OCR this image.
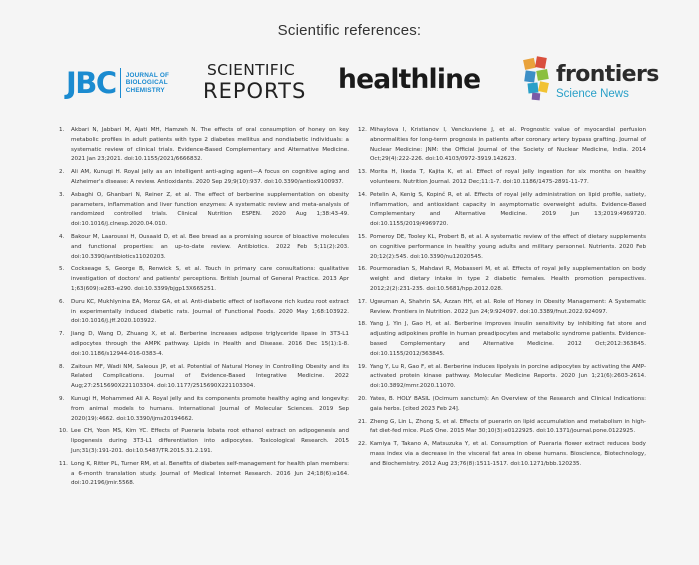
Scientific references:
JBC JOURNAL OF
BIOLOGICAL
CHEMISTRY
SCIENTIFIC
REPORTS healthline	frontiers
Science News
1. Akbari N, Jabbari M, Ajati MH, Hamzeh N. The effects of oral consumption of honey on key metabolic profiles in adult patients with type 2 diabetes mellitus and nondiabetic individuals: a systematic review of clinical trials. Evidence-Based Complementary and Alternative Medicine. 2021 Jan 23;2021. doi:10.1155/2021/6666832.
2. Ali AM, Kunugi H. Royal jelly as an intelligent anti-aging agent—A focus on cognitive aging and Alzheimer's disease: A review. Antioxidants. 2020 Sep 29;9(10):937. doi:10.3390/antiox9100937.
3. Asbaghi O, Ghanbari N, Reiner Z, et al. The effect of berberine supplementation on obesity parameters, inflammation and liver function enzymes: A systematic review and meta-analysis of randomized controlled trials. Clinical Nutrition ESPEN. 2020 Aug 1;38:43-49. doi:10.1016/j.clnesp.2020.04.010.
4. Bakour M, Laaroussi H, Ousaaid D, et al. Bee bread as a promising source of bioactive molecules and functional properties: an up-to-date review. Antibiotics. 2022 Feb 5;11(2):203. doi:10.3390/antibiotics11020203.
5. Cockseage S, George B, Renwick S, et al. Touch in primary care consultations: qualitative investigation of doctors' and patients' perceptions. British Journal of General Practice. 2013 Apr 1;63(609):e283-e290. doi:10.3399/bjgp13X665251.
6. Duru KC, Mukhlynina EA, Moroz GA, et al. Anti-diabetic effect of isoflavone rich kudzu root extract in experimentally induced diabetic rats. Journal of Functional Foods. 2020 May 1;68:103922. doi:10.1016/j.jff.2020.103922.
7. Jiang D, Wang D, Zhuang X, et al. Berberine increases adipose triglyceride lipase in 3T3-L1 adipocytes through the AMPK pathway. Lipids in Health and Disease. 2016 Dec 15(1):1-8. doi:10.1186/s12944-016-0383-4.
8. Zaitoun MF, Wadi NM, Saleous JP, et al. Potential of Natural Honey in Controlling Obesity and its Related Complications. Journal of Evidence-Based Integrative Medicine. 2022 Aug;27:2515690X221103304. doi:10.1177/2515690X221103304.
9. Kunugi H, Mohammed Ali A. Royal jelly and its components promote healthy aging and longevity: from animal models to humans. International Journal of Molecular Sciences. 2019 Sep 2020(19):4662. doi:10.3390/ijms20194662.
10. Lee CH, Yoon MS, Kim YC. Effects of Pueraria lobata root ethanol extract on adipogenesis and lipogenesis during 3T3-L1 differentiation into adipocytes. Toxicological Research. 2015 Jun;31(3):191-201. doi:10.5487/TR.2015.31.2.191.
11. Long K, Ritter PL, Turner RM, et al. Benefits of diabetes self-management for health plan members: a 6-month translation study. Journal of Medical Internet Research. 2016 Jun 24;18(6):e164. doi:10.2196/jmir.5568.
12. Mihaylova I, Kristianov I, Venckuviene J, et al. Prognostic value of myocardial perfusion abnormalities for long-term prognosis in patients after coronary artery bypass grafting. Journal of Nuclear Medicine: JNM: the Official Journal of the Society of Nuclear Medicine, India. 2014 Oct;29(4):222-226. doi:10.4103/0972-3919.142623.
13. Morita H, Ikeda T, Kajita K, et al. Effect of royal jelly ingestion for six months on healthy volunteers. Nutrition Journal. 2012 Dec;11:1-7. doi:10.1186/1475-2891-11-77.
14. Petelin A, Kenig S, Kopinč R, et al. Effects of royal jelly administration on lipid profile, satiety, inflammation, and antioxidant capacity in asymptomatic overweight adults. Evidence-Based Complementary and Alternative Medicine. 2019 Jun 13;2019:4969720. doi:10.1155/2019/4969720.
15. Pomeroy DE, Tooley KL, Probert B, et al. A systematic review of the effect of dietary supplements on cognitive performance in healthy young adults and military personnel. Nutrients. 2020 Feb 20;12(2):545. doi:10.3390/nu12020545.
16. Pourmoradian S, Mahdavi R, Mobasseri M, et al. Effects of royal jelly supplementation on body weight and dietary intake in type 2 diabetic females. Health promotion perspectives. 2012;2(2):231-235. doi:10.5681/hpp.2012.028.
17. Ugwuman A, Shahrin SA, Azzan HH, et al. Role of Honey in Obesity Management: A Systematic Review. Frontiers in Nutrition. 2022 Jun 24;9:924097. doi:10.3389/fnut.2022.924097.
18. Yang J, Yin J, Gao H, et al. Berberine improves insulin sensitivity by inhibiting fat store and adjusting adipokines profile in human preadipocytes and metabolic syndrome patients. Evidence-based Complementary and Alternative Medicine. 2012 Oct;2012:363845. doi:10.1155/2012/363845.
19. Yang Y, Lu R, Gao F, et al. Berberine induces lipolysis in porcine adipocytes by activating the AMP-activated protein kinase pathway. Molecular Medicine Reports. 2020 Jun 1;21(6):2603-2614. doi:10.3892/mmr.2020.11070.
20. Yates, B. HOLY BASIL (Ocimum sanctum): An Overview of the Research and Clinical Indications: gaia herbs. [cited 2023 Feb 24].
21. Zheng G, Lin L, Zhong S, et al. Effects of puerarin on lipid accumulation and metabolism in high-fat diet-fed mice. PLoS One. 2015 Mar 30;10(3):e0122925. doi:10.1371/journal.pone.0122925.
22. Kamiya T, Takano A, Matsuzuka Y, et al. Consumption of Pueraria flower extract reduces body mass index via a decrease in the visceral fat area in obese humans. Bioscience, Biotechnology, and Biochemistry. 2012 Aug 23;76(8):1511-1517. doi:10.1271/bbb.120235.
